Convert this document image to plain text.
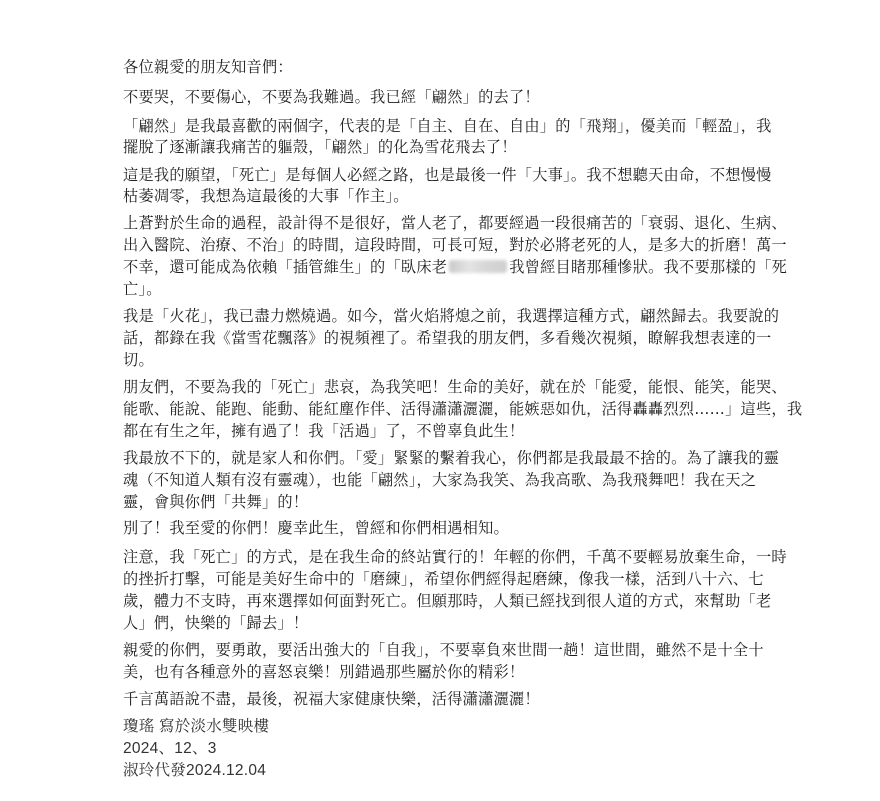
各位親愛的朋友知音們：
不要哭，不要傷心，不要為我難過。我已經「翩然」的去了！
「翩然」是我最喜歡的兩個字，代表的是「自主、自在、自由」的「飛翔」，優美而「輕盈」，我
擺脫了逐漸讓我痛苦的軀殼，「翩然」的化為雪花飛去了！
這是我的願望，「死亡」是每個人必經之路，也是最後一件「大事」。我不想聽天由命，不想慢慢
枯萎凋零，我想為這最後的大事「作主」。
上蒼對於生命的過程，設計得不是很好，當人老了，都要經過一段很痛苦的「衰弱、退化、生病、
出入醫院、治療、不治」的時間，這段時間，可長可短，對於必將老死的人，是多大的折磨！萬一
不幸，還可能成為依賴「插管維生」的「臥床老	我曾經目睹那種慘狀。我不要那樣的「死
亡」。
我是「火花」，我已盡力燃燒過。如今，當火焰將熄之前，我選擇這種方式，翩然歸去。我要說的
話，都錄在我《當雪花飄落》的視頻裡了。希望我的朋友們，多看幾次視頻，瞭解我想表達的一
切。
朋友們，不要為我的「死亡」悲哀，為我笑吧！生命的美好，就在於「能愛，能恨、能笑，能哭、
能歌、能說、能跑、能動、能紅塵作伴、活得瀟瀟灑灑，能嫉惡如仇，活得轟轟烈烈……」這些，我
都在有生之年，擁有過了！我「活過」了，不曾辜負此生！
我最放不下的，就是家人和你們。「愛」緊緊的繫着我心，你們都是我最最不捨的。為了讓我的靈
魂（不知道人類有沒有靈魂），也能「翩然」，大家為我笑、為我高歌、為我飛舞吧！我在天之
靈，會與你們「共舞」的！
別了！我至愛的你們！慶幸此生，曾經和你們相遇相知。
注意，我「死亡」的方式，是在我生命的終站實行的！年輕的你們，千萬不要輕易放棄生命，一時
的挫折打擊，可能是美好生命中的「磨練」，希望你們經得起磨練，像我一樣，活到八十六、七
歲，體力不支時，再來選擇如何面對死亡。但願那時，人類已經找到很人道的方式，來幫助「老
人」們，快樂的「歸去」！
親愛的你們，要勇敢，要活出強大的「自我」，不要辜負來世間一趟！這世間，雖然不是十全十
美，也有各種意外的喜怒哀樂！別錯過那些屬於你的精彩！
千言萬語說不盡，最後，祝福大家健康快樂，活得瀟瀟灑灑！
瓊瑤 寫於淡水雙映樓
2024、12、3
淑玲代發2024.12.04
